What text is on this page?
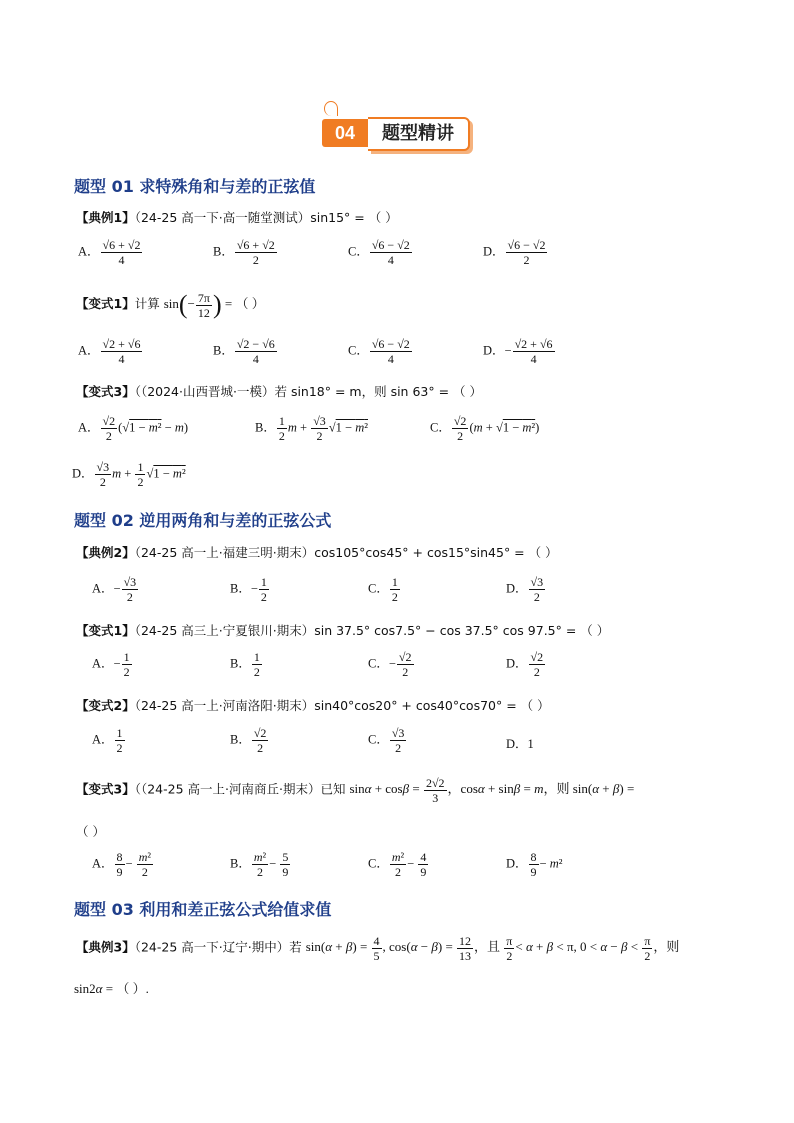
04	题型精讲
题型 01 求特殊角和与差的正弦值
【典例1】（24-25 高一下·高一随堂测试）sin15° = （ ）
A． $\frac{√6 + √2}{4}$	B． $\frac{√6 + √2}{2}$	C． $\frac{√6 - √2}{4}$	D． $\frac{√6 - √2}{2}$
【变式1】计算 $\sin(- \frac{7\pi}{12}$ ) = （ ）
A． $\frac{√2 + √6}{4}$	B． $\frac{√2 - √6}{4}$	C． $\frac{√6 - √2}{4}$	D．− $\frac{√2 + √6}{4}$
【变式3】（（2024·山西晋城·一模）若 sin18° = m，则 sin 63° = （ ）
A． $\frac{√2}{2} (√1 - m^2 - m)$	B． $\frac{1}{2}$ $m + \frac{√3}{2} √1 - m^2$	C． $\frac{√2}{2} (m + √1 - m^2)$
D． $\frac{√3}{2}$ $m + \frac{1}{2} √1 - m^2$
题型 02 逆用两角和与差的正弦公式
【典例2】（24-25 高一上·福建三明·期末）cos105°cos45° + cos15°sin45° = （ ）
A．− $\frac{√3}{2}$	B．− $\frac{1}{2}$	C． $\frac{1}{2}$	D． $\frac{√3}{2}$
【变式1】（24-25 高三上·宁夏银川·期末）sin 37.5° cos7.5° − cos 37.5° cos 97.5° = （ ）
A．− $\frac{1}{2}$	B． $\frac{1}{2}$	C．− $\frac{√2}{2}$	D． $\frac{√2}{2}$
【变式2】（24-25 高一上·河南洛阳·期末）sin40°cos20° + cos40°cos70° = （ ）
A． $\frac{1}{2}$	B． $\frac{√2}{2}$	C． $\frac{√3}{2}$	D．1
【变式3】（（24-25 高一上·河南商丘·期末）已知 $\sin\alpha + \cos\beta = \frac{2√2}{3}$ ，cosα + sinβ = m，则 sin(α + β) =
（ ）
A． $\frac{8}{9} - \frac{\text{m²}}{2}$	B． $\frac{\text{m²}}{2} - \frac{5}{9}$	C． $\frac{\text{m²}}{2} - \frac{4}{9}$	D． $\frac{8}{9} - m^2$
题型 03 利用和差正弦公式给值求值
【典例3】（24-25 高一下·辽宁·期中）若 $\sin(\alpha + \beta) = \frac{4}{5}$ , $\cos(\alpha - \beta) = \frac{12}{13}$ ，且 $\frac{\pi}{2} < \alpha + \beta < \pi$, $0 < \alpha - \beta < \frac{\pi}{2}$ ，则
sin2α = （ ）.
